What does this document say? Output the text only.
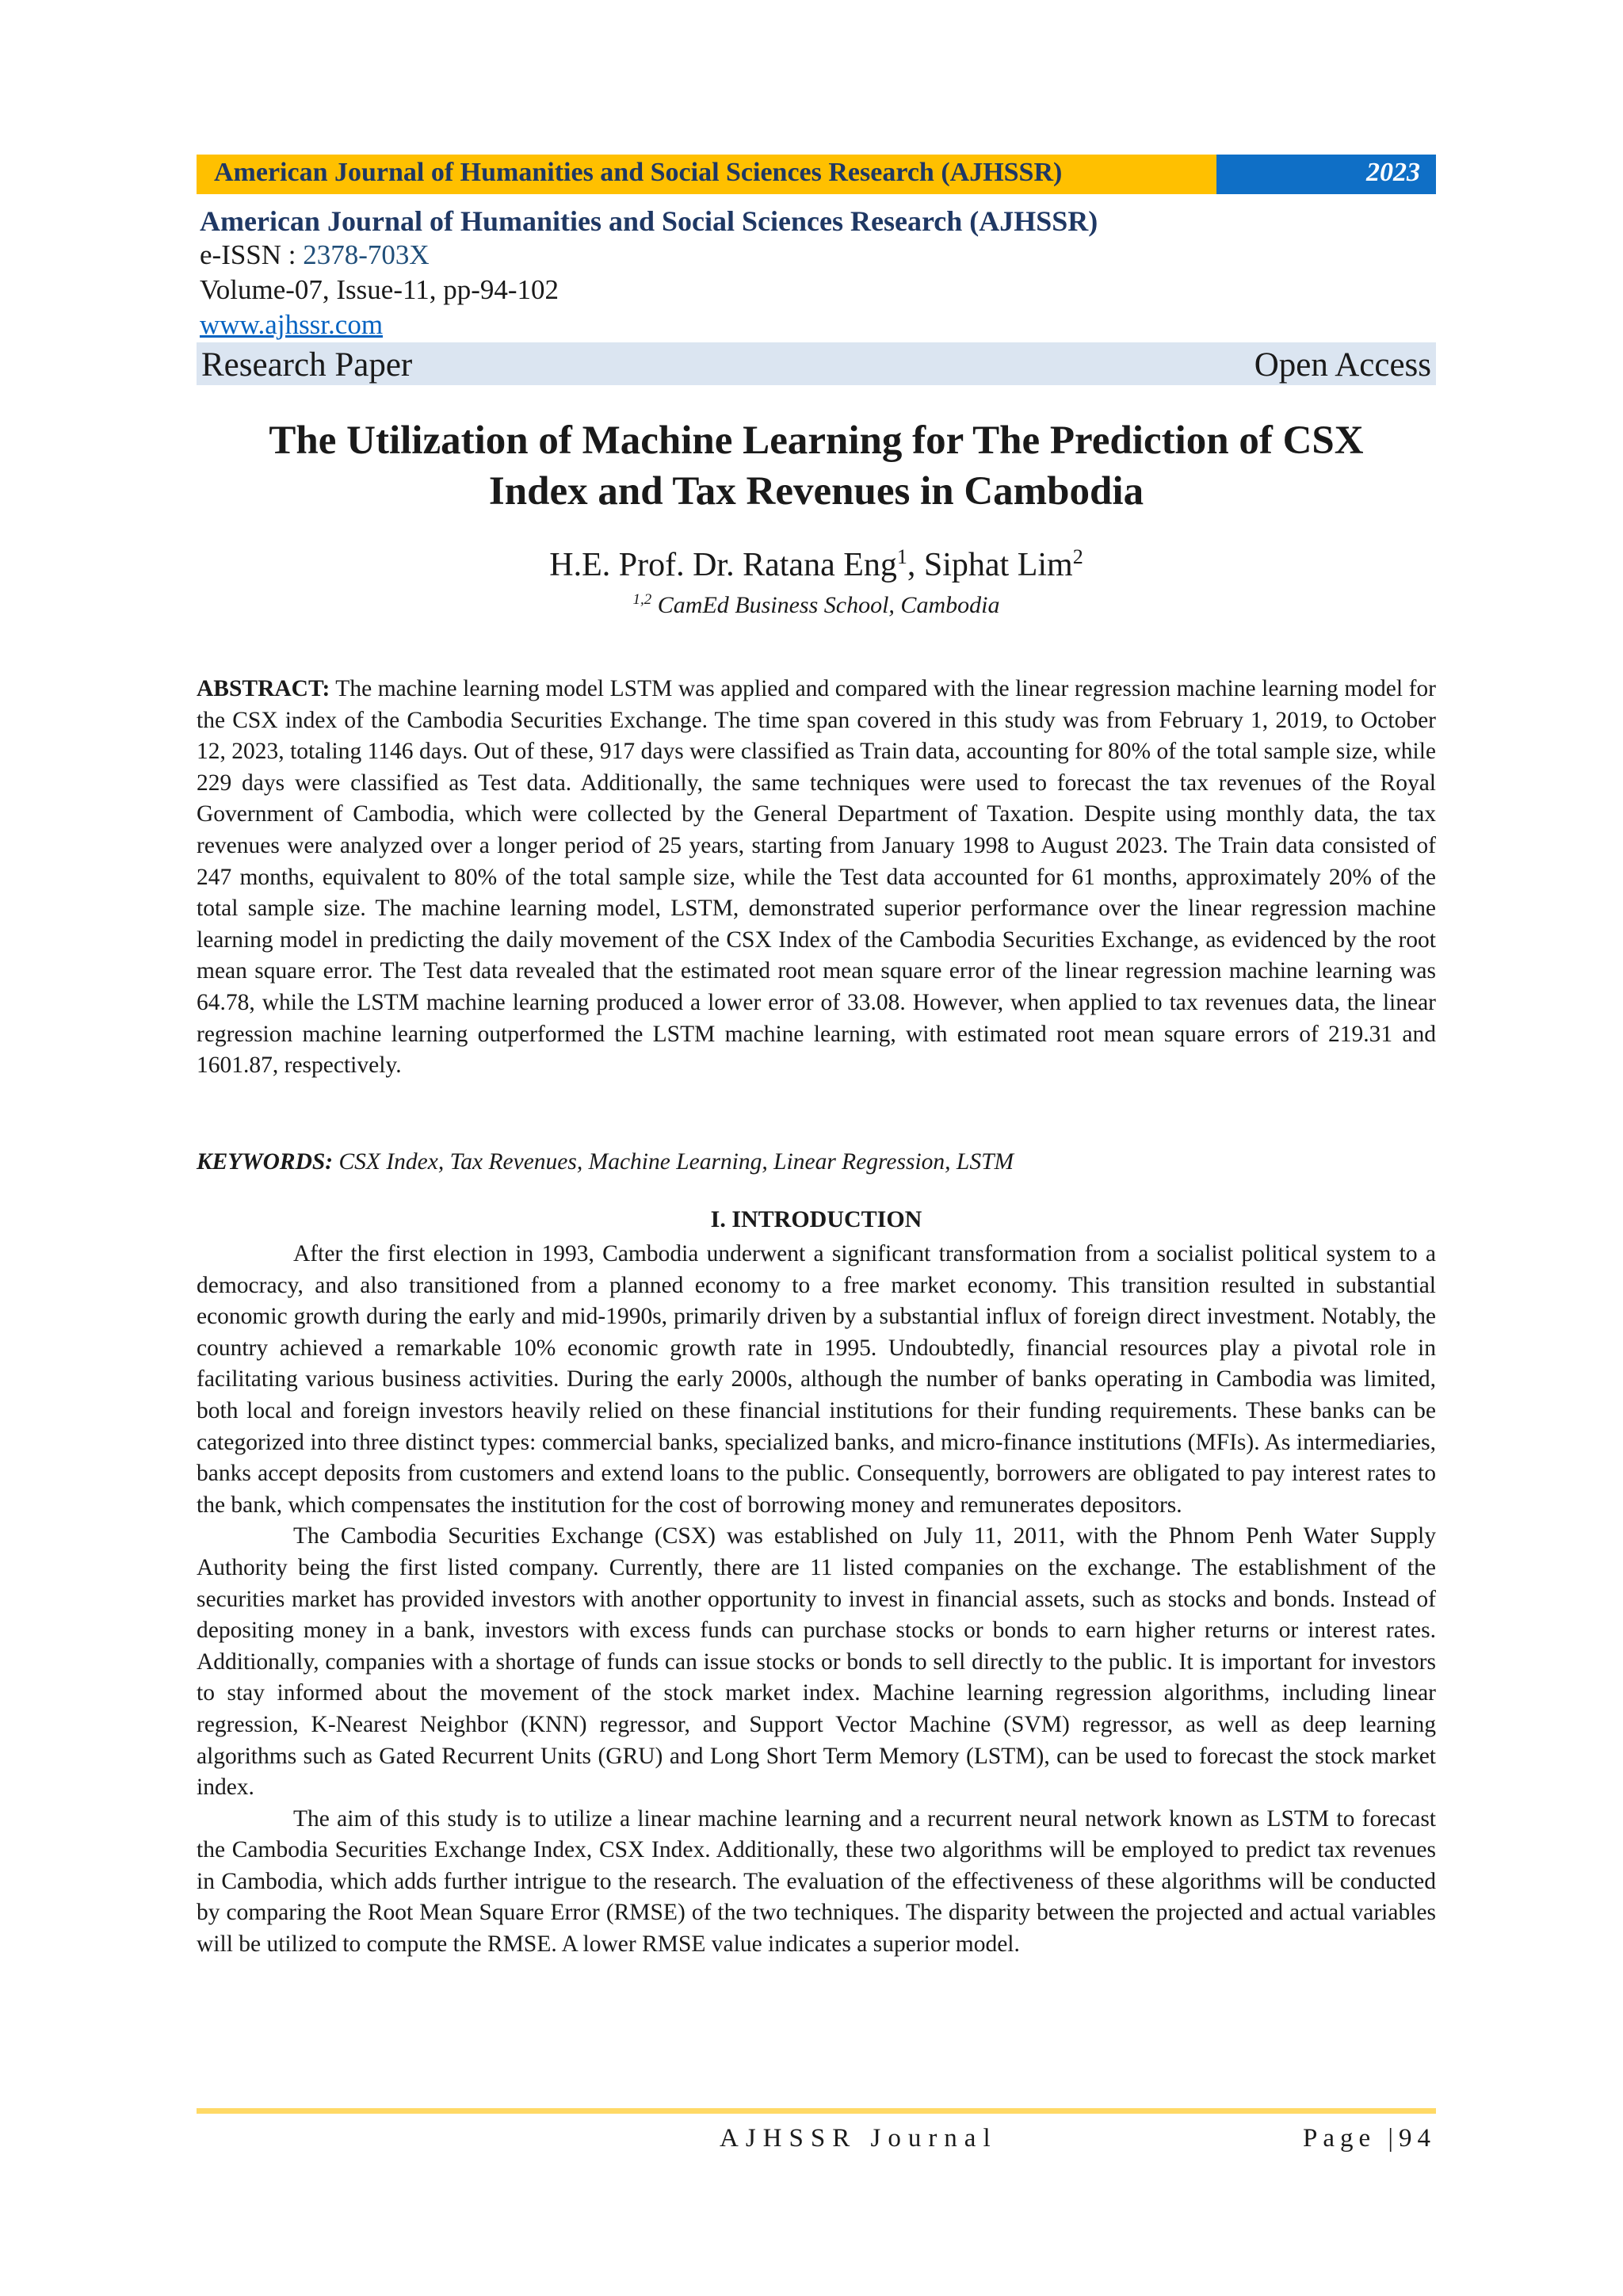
American Journal of Humanities and Social Sciences Research (AJHSSR)	2023
American Journal of Humanities and Social Sciences Research (AJHSSR)
e-ISSN : 2378-703X
Volume-07, Issue-11, pp-94-102
www.ajhssr.com
Research Paper	Open Access
The Utilization of Machine Learning for The Prediction of CSX
Index and Tax Revenues in Cambodia
H.E. Prof. Dr. Ratana Eng$^1$, Siphat Lim$^2$
$^{1,2}$ CamEd Business School, Cambodia

ABSTRACT: The machine learning model LSTM was applied and compared with the linear regression machine learning model for the CSX index of the Cambodia Securities Exchange. The time span covered in this study was from February 1, 2019, to October 12, 2023, totaling 1146 days. Out of these, 917 days were classified as Train data, accounting for 80% of the total sample size, while 229 days were classified as Test data. Additionally, the same techniques were used to forecast the tax revenues of the Royal Government of Cambodia, which were collected by the General Department of Taxation. Despite using monthly data, the tax revenues were analyzed over a longer period of 25 years, starting from January 1998 to August 2023. The Train data consisted of 247 months, equivalent to 80% of the total sample size, while the Test data accounted for 61 months, approximately 20% of the total sample size. The machine learning model, LSTM, demonstrated superior performance over the linear regression machine learning model in predicting the daily movement of the CSX Index of the Cambodia Securities Exchange, as evidenced by the root mean square error. The Test data revealed that the estimated root mean square error of the linear regression machine learning was 64.78, while the LSTM machine learning produced a lower error of 33.08. However, when applied to tax revenues data, the linear regression machine learning outperformed the LSTM machine learning, with estimated root mean square errors of 219.31 and 1601.87, respectively.

KEYWORDS: CSX Index, Tax Revenues, Machine Learning, Linear Regression, LSTM
I. INTRODUCTION

After the first election in 1993, Cambodia underwent a significant transformation from a socialist political system to a democracy, and also transitioned from a planned economy to a free market economy. This transition resulted in substantial economic growth during the early and mid-1990s, primarily driven by a substantial influx of foreign direct investment. Notably, the country achieved a remarkable 10% economic growth rate in 1995. Undoubtedly, financial resources play a pivotal role in facilitating various business activities. During the early 2000s, although the number of banks operating in Cambodia was limited, both local and foreign investors heavily relied on these financial institutions for their funding requirements. These banks can be categorized into three distinct types: commercial banks, specialized banks, and micro-finance institutions (MFIs). As intermediaries, banks accept deposits from customers and extend loans to the public. Consequently, borrowers are obligated to pay interest rates to the bank, which compensates the institution for the cost of borrowing money and remunerates depositors.

The Cambodia Securities Exchange (CSX) was established on July 11, 2011, with the Phnom Penh Water Supply Authority being the first listed company. Currently, there are 11 listed companies on the exchange. The establishment of the securities market has provided investors with another opportunity to invest in financial assets, such as stocks and bonds. Instead of depositing money in a bank, investors with excess funds can purchase stocks or bonds to earn higher returns or interest rates. Additionally, companies with a shortage of funds can issue stocks or bonds to sell directly to the public. It is important for investors to stay informed about the movement of the stock market index. Machine learning regression algorithms, including linear regression, K-Nearest Neighbor (KNN) regressor, and Support Vector Machine (SVM) regressor, as well as deep learning algorithms such as Gated Recurrent Units (GRU) and Long Short Term Memory (LSTM), can be used to forecast the stock market index.

The aim of this study is to utilize a linear machine learning and a recurrent neural network known as LSTM to forecast the Cambodia Securities Exchange Index, CSX Index. Additionally, these two algorithms will be employed to predict tax revenues in Cambodia, which adds further intrigue to the research. The evaluation of the effectiveness of these algorithms will be conducted by comparing the Root Mean Square Error (RMSE) of the two techniques. The disparity between the projected and actual variables will be utilized to compute the RMSE. A lower RMSE value indicates a superior model.

AJHSSR Journal	Page |94
